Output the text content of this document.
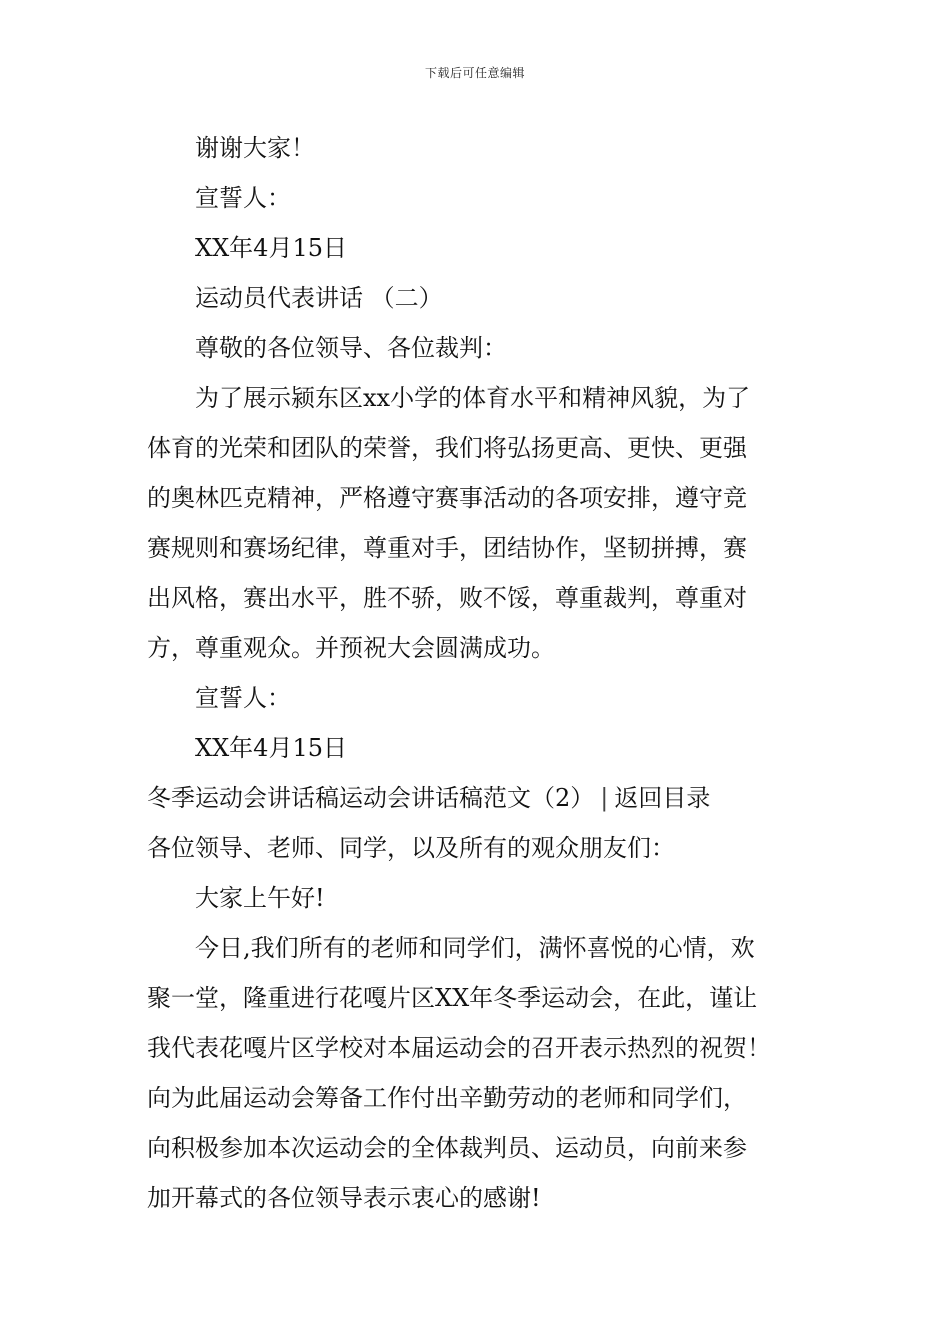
下载后可任意编辑
谢谢大家！
宣誓人：
XX年4月15日
运动员代表讲话 （二）
尊敬的各位领导、各位裁判：
为了展示颍东区xx小学的体育水平和精神风貌，为了
体育的光荣和团队的荣誉，我们将弘扬更高、更快、更强
的奥林匹克精神，严格遵守赛事活动的各项安排，遵守竞
赛规则和赛场纪律，尊重对手，团结协作，坚韧拼搏，赛
出风格，赛出水平，胜不骄，败不馁，尊重裁判，尊重对
方，尊重观众。并预祝大会圆满成功。
宣誓人：
XX年4月15日
冬季运动会讲话稿运动会讲话稿范文（2） | 返回目录
各位领导、老师、同学，以及所有的观众朋友们：
大家上午好!
今日,我们所有的老师和同学们，满怀喜悦的心情，欢
聚一堂，隆重进行花嘎片区XX年冬季运动会，在此，谨让
我代表花嘎片区学校对本届运动会的召开表示热烈的祝贺！
向为此届运动会筹备工作付出辛勤劳动的老师和同学们，
向积极参加本次运动会的全体裁判员、运动员，向前来参
加开幕式的各位领导表示衷心的感谢!
